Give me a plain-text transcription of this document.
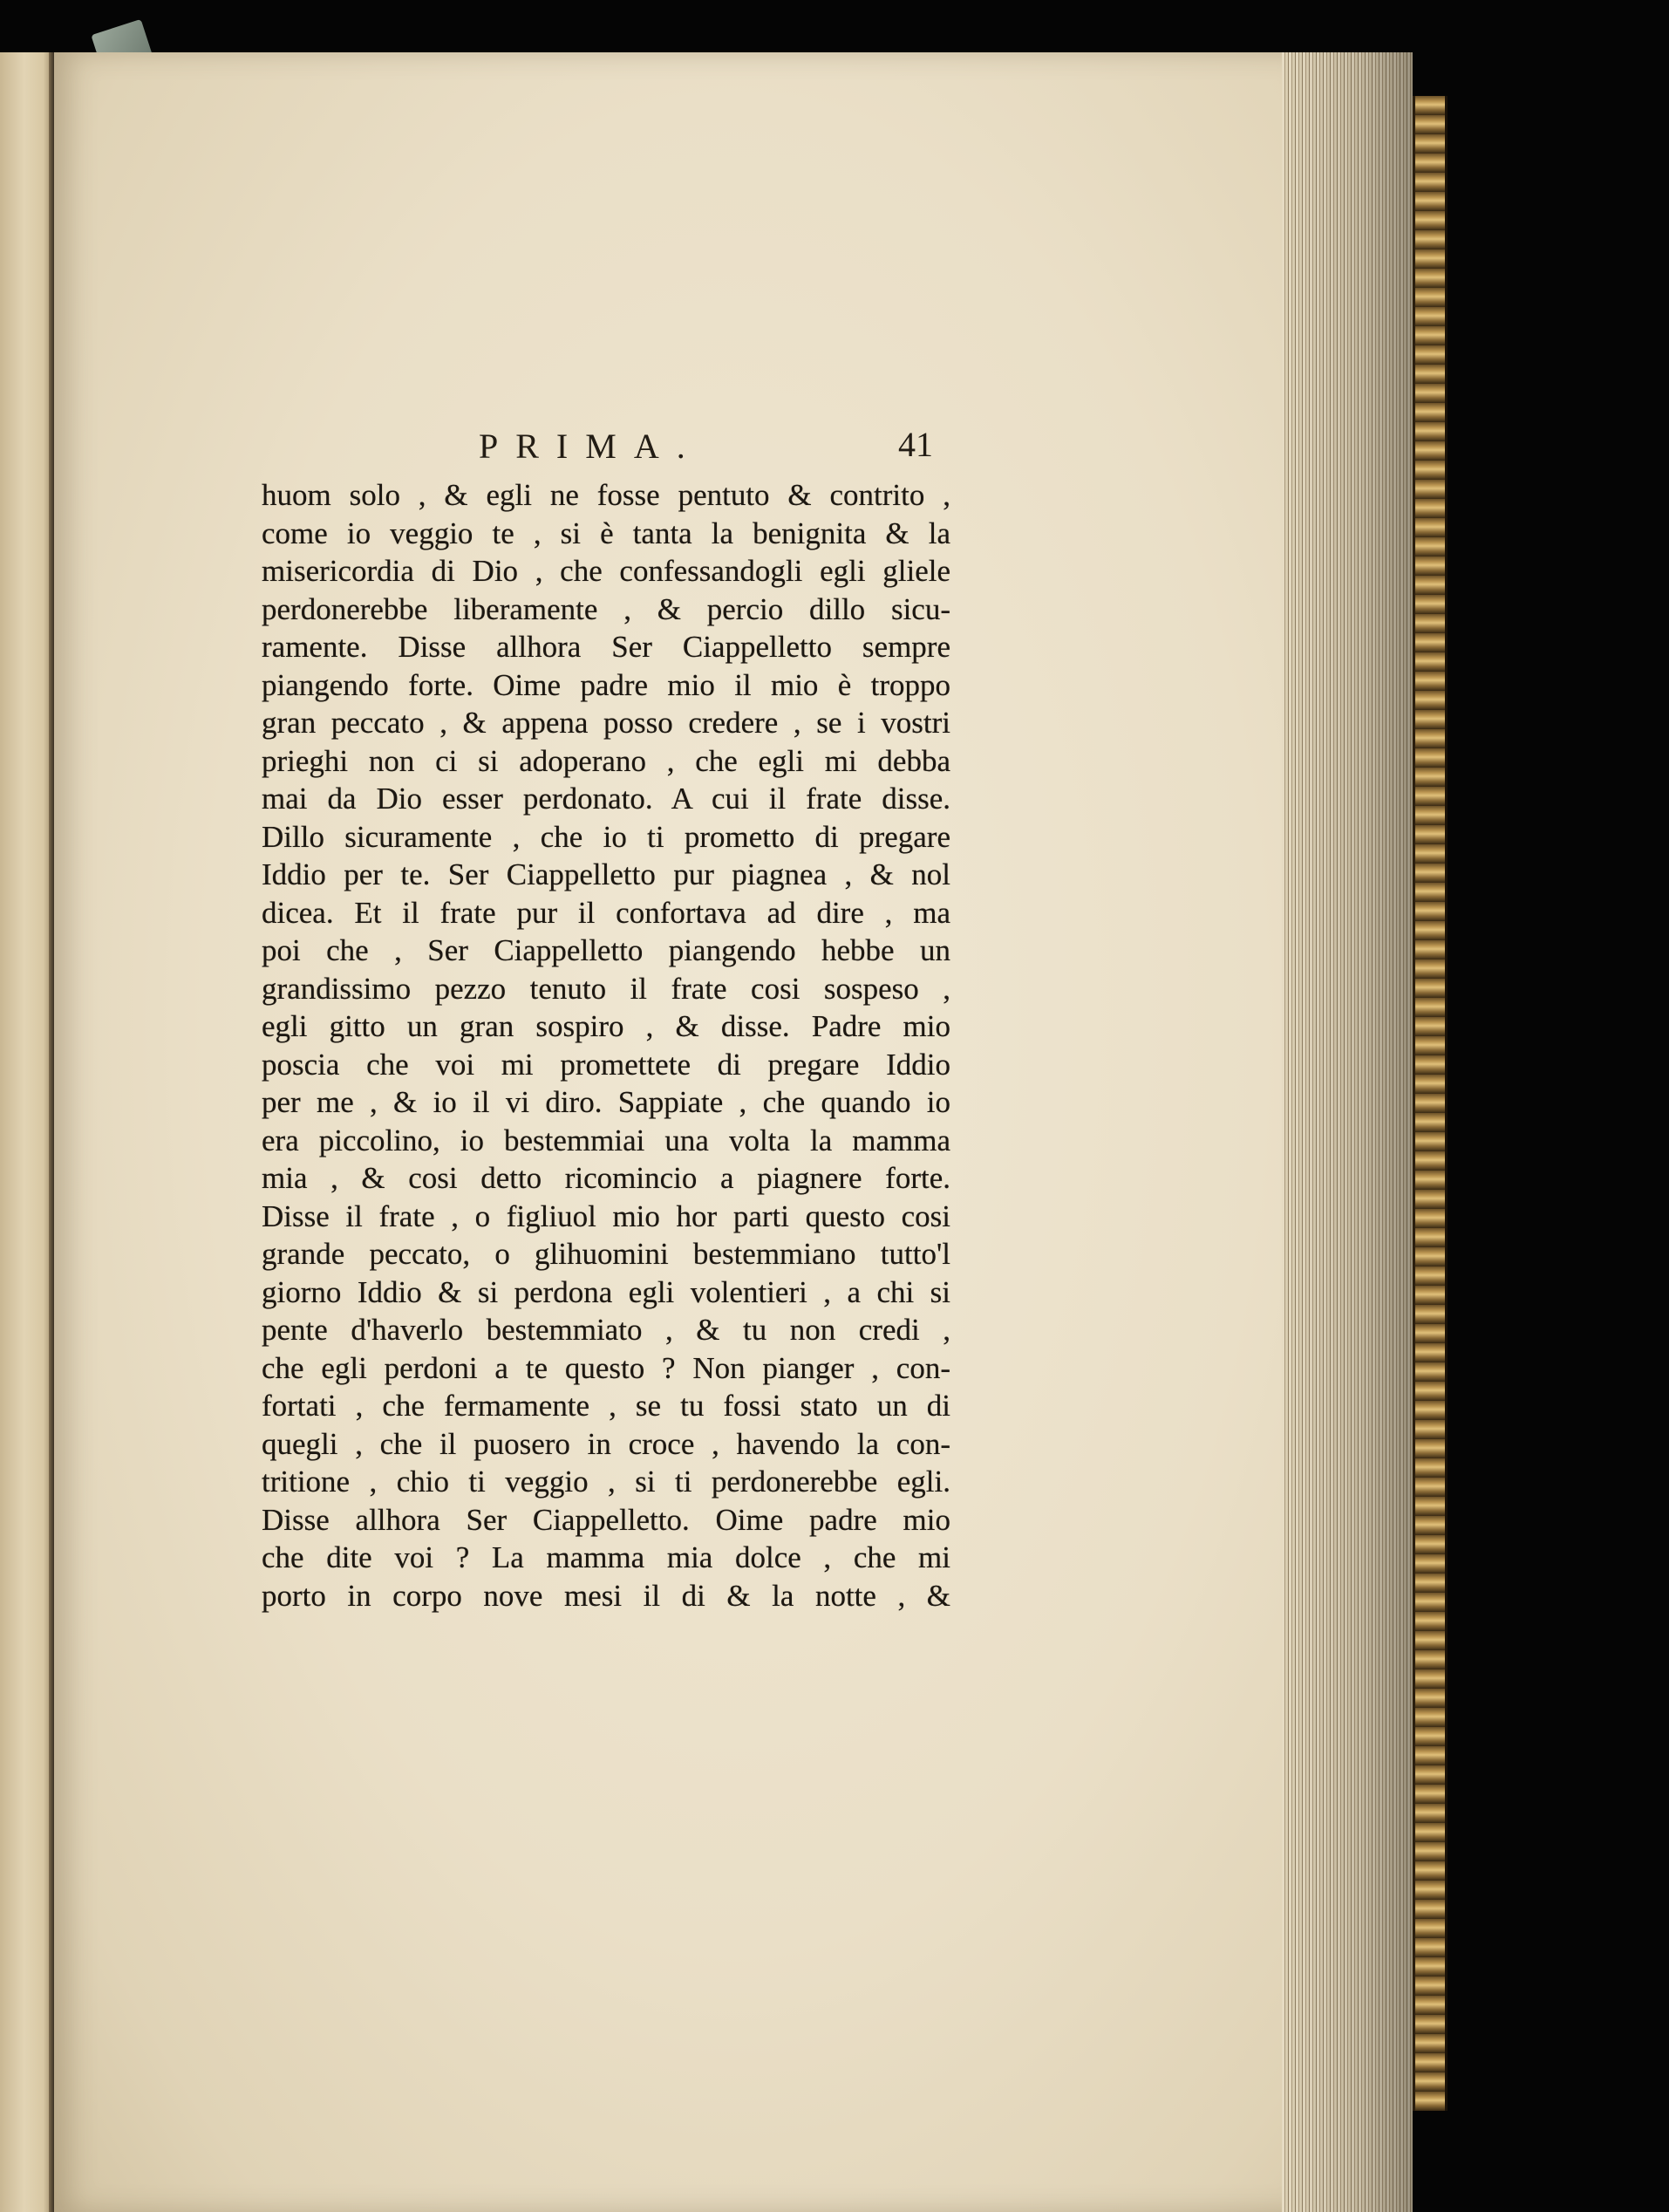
PRIMA.	41
huom solo , & egli ne fosse pentuto & contrito ,
come io veggio te , si è tanta la benignita & la
misericordia di Dio , che confessandogli egli gliele
perdonerebbe liberamente , & percio dillo sicu-
ramente. Disse allhora Ser Ciappelletto sempre
piangendo forte. Oime padre mio il mio è troppo
gran peccato , & appena posso credere , se i vostri
prieghi non ci si adoperano , che egli mi debba
mai da Dio esser perdonato. A cui il frate disse.
Dillo sicuramente , che io ti prometto di pregare
Iddio per te. Ser Ciappelletto pur piagnea , & nol
dicea. Et il frate pur il confortava ad dire , ma
poi che , Ser Ciappelletto piangendo hebbe un
grandissimo pezzo tenuto il frate cosi sospeso ,
egli gitto un gran sospiro , & disse. Padre mio
poscia che voi mi promettete di pregare Iddio
per me , & io il vi diro. Sappiate , che quando io
era piccolino, io bestemmiai una volta la mamma
mia , & cosi detto ricomincio a piagnere forte.
Disse il frate , o figliuol mio hor parti questo cosi
grande peccato, o glihuomini bestemmiano tutto'l
giorno Iddio & si perdona egli volentieri , a chi si
pente d'haverlo bestemmiato , & tu non credi ,
che egli perdoni a te questo ? Non pianger , con-
fortati , che fermamente , se tu fossi stato un di
quegli , che il puosero in croce , havendo la con-
tritione , chio ti veggio , si ti perdonerebbe egli.
Disse allhora Ser Ciappelletto. Oime padre mio
che dite voi ? La mamma mia dolce , che mi
porto in corpo nove mesi il di & la notte , &
